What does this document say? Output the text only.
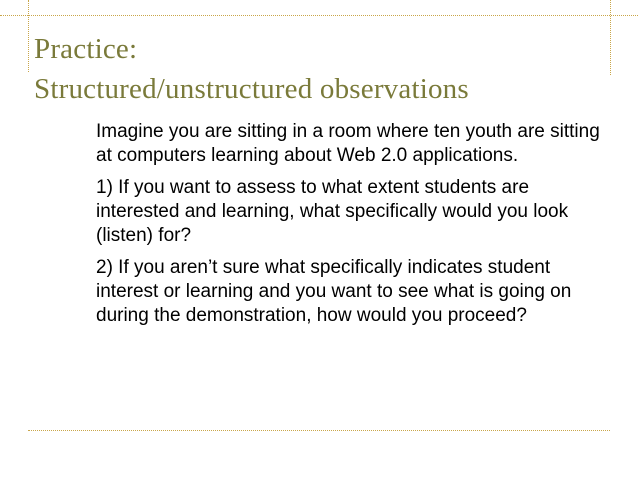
Practice:
Structured/unstructured observations

Imagine you are sitting in a room where ten youth are sitting at computers learning about Web 2.0 applications.

1) If you want to assess to what extent students are interested and learning, what specifically would you look (listen) for?

2) If you aren’t sure what specifically indicates student interest or learning and you want to see what is going on during the demonstration, how would you proceed?
